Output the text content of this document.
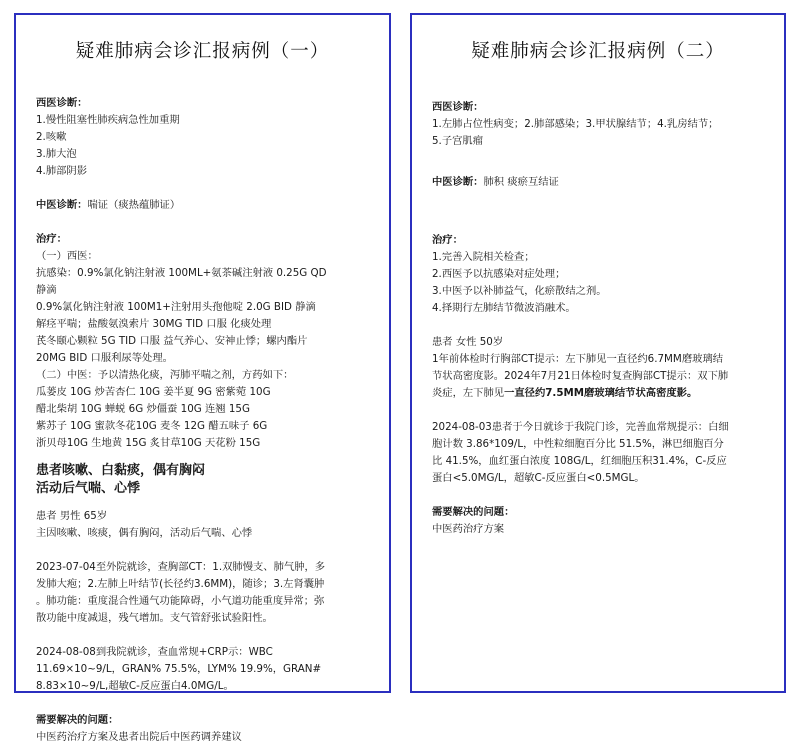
疑难肺病会诊汇报病例（一）
西医诊断：
1.慢性阻塞性肺疾病急性加重期
2.咳嗽
3.肺大泡
4.肺部阴影
中医诊断：喘证（痰热蕴肺证）
治疗：
（一）西医：
抗感染：0.9%氯化钠注射液 100ML+氨茶碱注射液 0.25G QD
静滴
0.9%氯化钠注射液 100M1+注射用头孢他啶 2.0G BID 静滴
解痉平喘；盐酸氨溴索片 30MG TID 口服 化痰处理
芪冬颐心颗粒 5G TID 口服 益气养心、安神止悸；螺内酯片
20MG BID 口服利尿等处理。
（二）中医：予以清热化痰，泻肺平喘之剂，方药如下：
瓜蒌皮 10G 炒苦杏仁 10G 姜半夏 9G 密紫菀 10G
醋北柴胡 10G 蝉蜕 6G 炒僵蚕 10G 连翘 15G
紫苏子 10G 蜜款冬花10G 麦冬 12G 醋五味子 6G
浙贝母10G 生地黄 15G 炙甘草10G 天花粉 15G
患者咳嗽、白黏痰，偶有胸闷
活动后气喘、心悸
患者 男性 65岁
主因咳嗽、咳痰，偶有胸闷，活动后气喘、心悸
2023-07-04至外院就诊，查胸部CT：1.双肺慢支、肺气肿，多
发肺大疱；2.左肺上叶结节(长径约3.6MM)，随诊；3.左肾囊肿
。肺功能：重度混合性通气功能障碍，小气道功能重度异常；弥
散功能中度减退，残气增加。支气管舒张试验阳性。
2024-08-08到我院就诊，查血常规+CRP示：WBC
11.69×10~9/L，GRAN% 75.5%，LYM% 19.9%，GRAN#
8.83×10~9/L,超敏C-反应蛋白4.0MG/L。
需要解决的问题：
中医药治疗方案及患者出院后中医药调养建议
疑难肺病会诊汇报病例（二）
西医诊断：
1.左肺占位性病变；2.肺部感染；3.甲状腺结节；4.乳房结节；
5.子宫肌瘤
中医诊断：肺积 痰瘀互结证
治疗：
1.完善入院相关检查；
2.西医予以抗感染对症处理；
3.中医予以补肺益气，化瘀散结之剂。
4.择期行左肺结节微波消融术。
患者 女性 50岁
1年前体检时行胸部CT提示：左下肺见一直径约6.7MM磨玻璃结
节状高密度影。2024年7月21日体检时复查胸部CT提示：双下肺
炎症，左下肺见一直径约7.5MM磨玻璃结节状高密度影。
2024-08-03患者于今日就诊于我院门诊，完善血常规提示：白细
胞计数 3.86*109/L，中性粒细胞百分比 51.5%，淋巴细胞百分
比 41.5%，血红蛋白浓度 108G/L，红细胞压积31.4%，C-反应
蛋白<5.0MG/L，超敏C-反应蛋白<0.5MGL。
需要解决的问题：
中医药治疗方案
